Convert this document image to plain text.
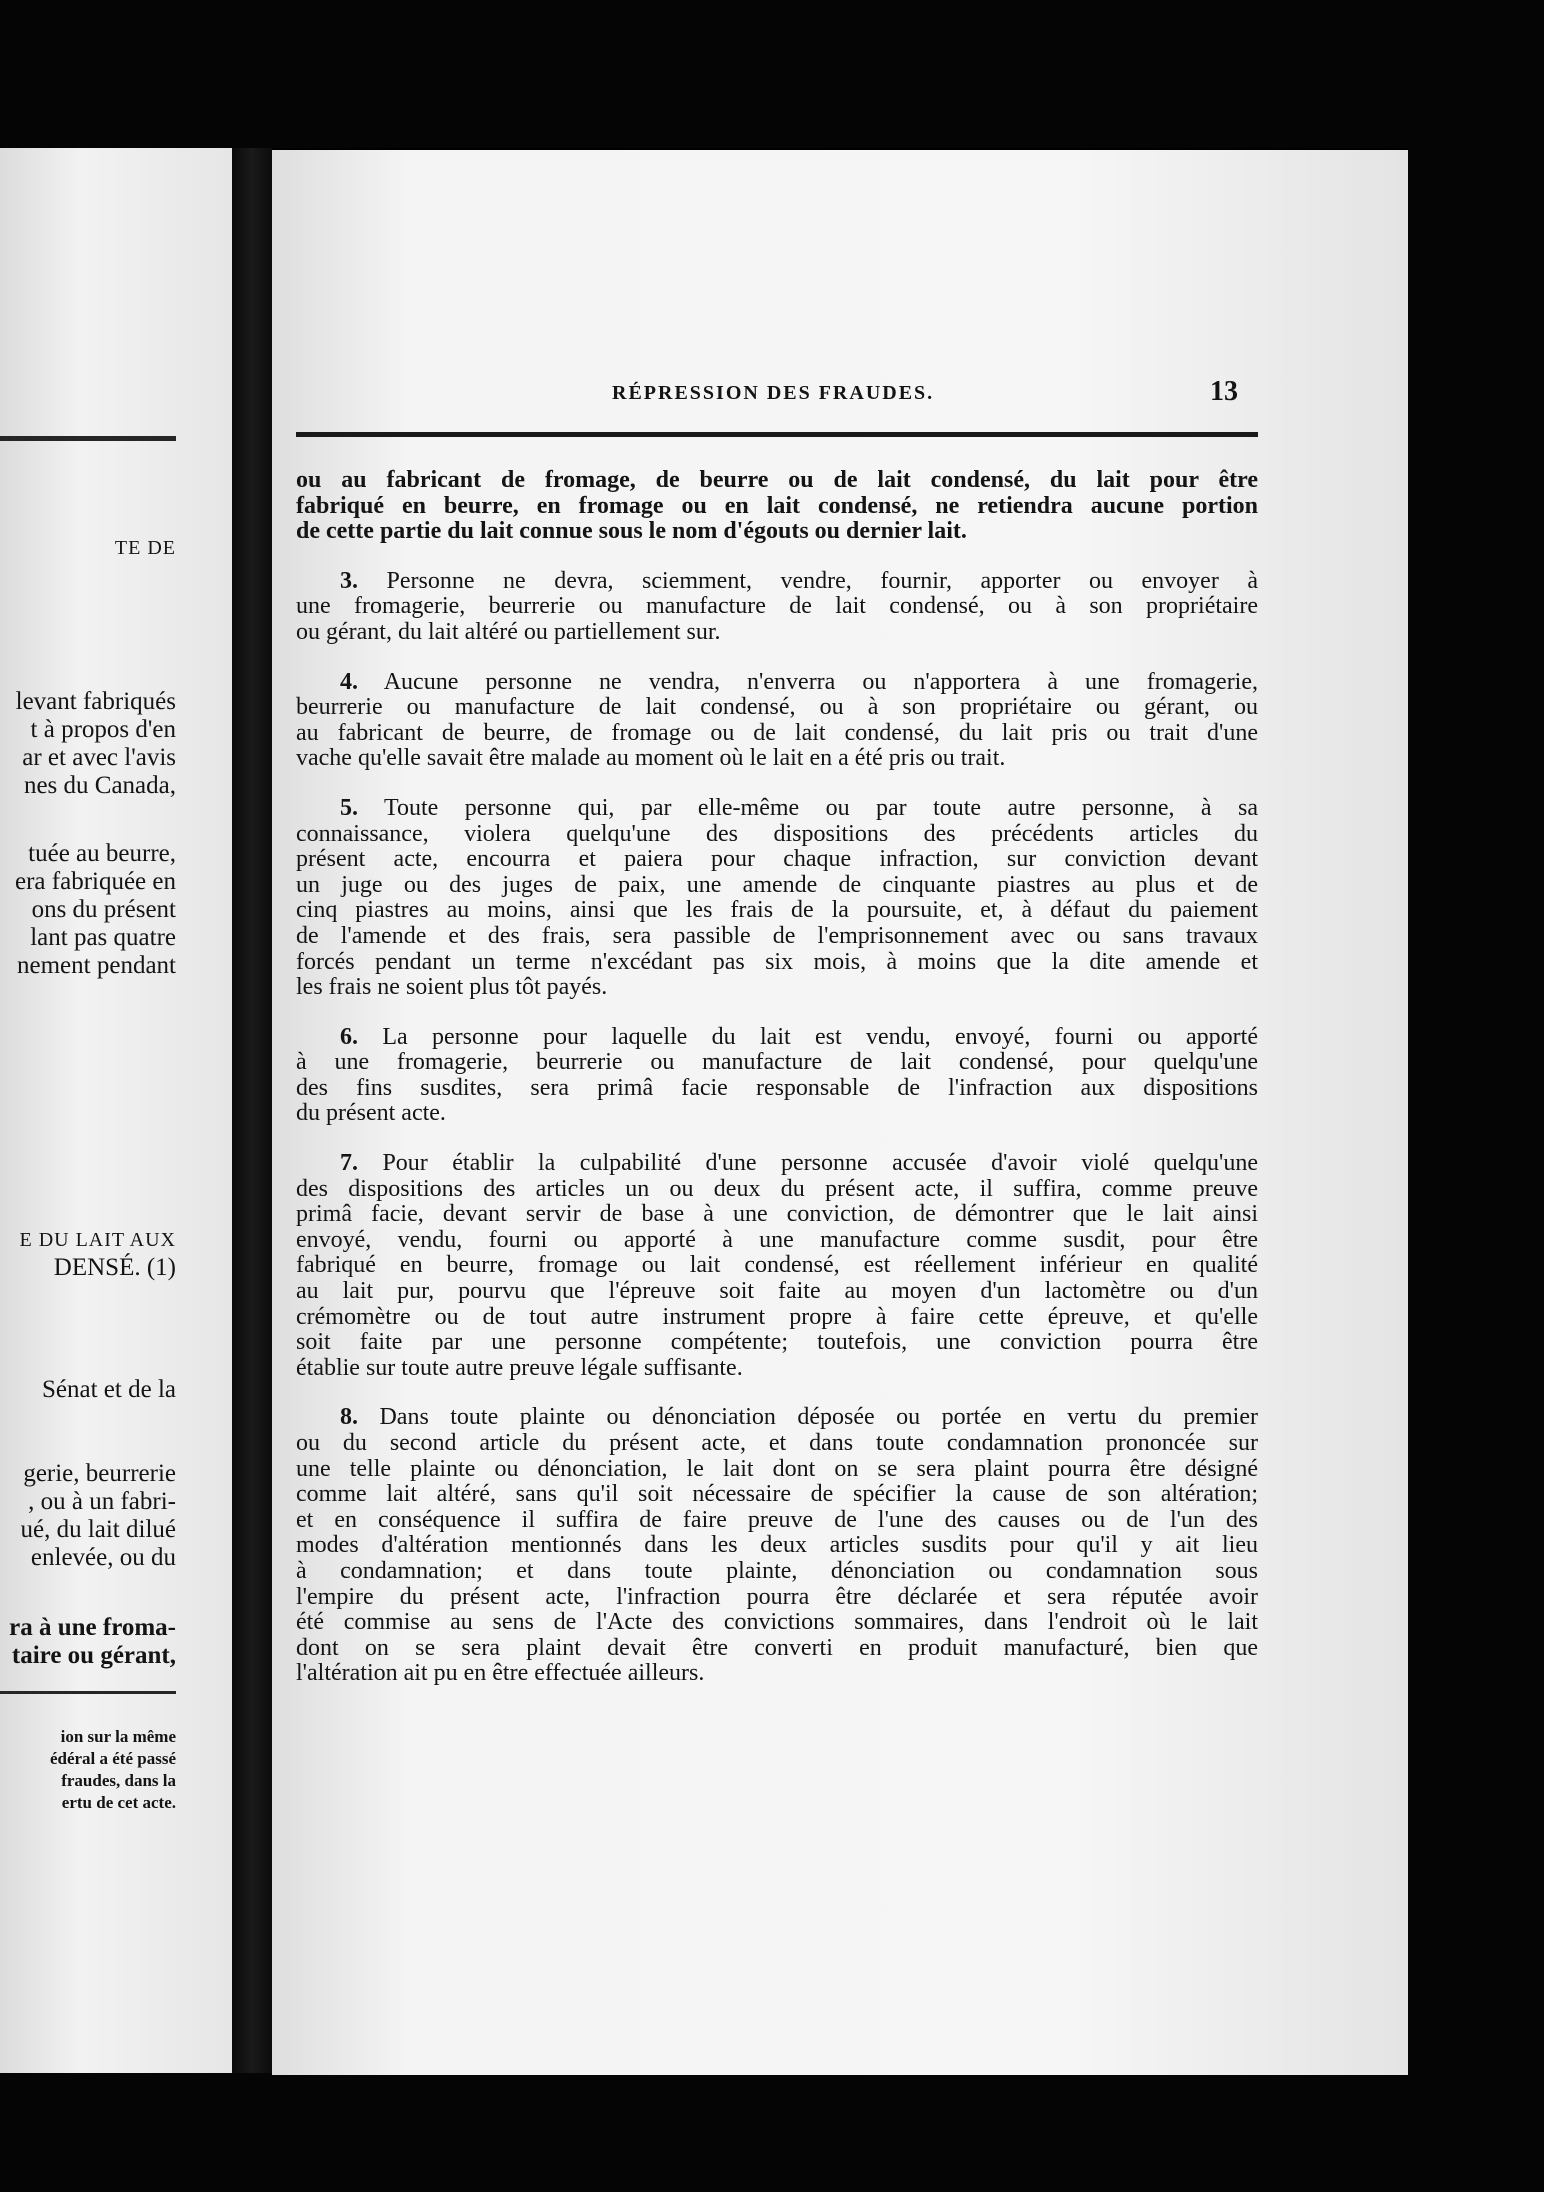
TE DE
levant fabriqués
t à propos d'en
ar et avec l'avis
nes du Canada,
tuée au beurre,
era fabriquée en
ons du présent
lant pas quatre
nement pendant
E DU LAIT AUX
DENSÉ. (1)
Sénat et de la
gerie, beurrerie
, ou à un fabri-
ué, du lait dilué
enlevée, ou du
ra à une froma-
taire ou gérant,
ion sur la même
édéral a été passé
fraudes, dans la
ertu de cet acte.
RÉPRESSION DES FRAUDES.	13
ou au fabricant de fromage, de beurre ou de lait condensé, du lait pour être
fabriqué en beurre, en fromage ou en lait condensé, ne retiendra aucune portion
de cette partie du lait connue sous le nom d'égouts ou dernier lait.
3. Personne ne devra, sciemment, vendre, fournir, apporter ou envoyer à
une fromagerie, beurrerie ou manufacture de lait condensé, ou à son propriétaire
ou gérant, du lait altéré ou partiellement sur.
4. Aucune personne ne vendra, n'enverra ou n'apportera à une fromagerie,
beurrerie ou manufacture de lait condensé, ou à son propriétaire ou gérant, ou
au fabricant de beurre, de fromage ou de lait condensé, du lait pris ou trait d'une
vache qu'elle savait être malade au moment où le lait en a été pris ou trait.
5. Toute personne qui, par elle-même ou par toute autre personne, à sa
connaissance, violera quelqu'une des dispositions des précédents articles du
présent acte, encourra et paiera pour chaque infraction, sur conviction devant
un juge ou des juges de paix, une amende de cinquante piastres au plus et de
cinq piastres au moins, ainsi que les frais de la poursuite, et, à défaut du paiement
de l'amende et des frais, sera passible de l'emprisonnement avec ou sans travaux
forcés pendant un terme n'excédant pas six mois, à moins que la dite amende et
les frais ne soient plus tôt payés.
6. La personne pour laquelle du lait est vendu, envoyé, fourni ou apporté
à une fromagerie, beurrerie ou manufacture de lait condensé, pour quelqu'une
des fins susdites, sera primâ facie responsable de l'infraction aux dispositions
du présent acte.
7. Pour établir la culpabilité d'une personne accusée d'avoir violé quelqu'une
des dispositions des articles un ou deux du présent acte, il suffira, comme preuve
primâ facie, devant servir de base à une conviction, de démontrer que le lait ainsi
envoyé, vendu, fourni ou apporté à une manufacture comme susdit, pour être
fabriqué en beurre, fromage ou lait condensé, est réellement inférieur en qualité
au lait pur, pourvu que l'épreuve soit faite au moyen d'un lactomètre ou d'un
crémomètre ou de tout autre instrument propre à faire cette épreuve, et qu'elle
soit faite par une personne compétente; toutefois, une conviction pourra être
établie sur toute autre preuve légale suffisante.
8. Dans toute plainte ou dénonciation déposée ou portée en vertu du premier
ou du second article du présent acte, et dans toute condamnation prononcée sur
une telle plainte ou dénonciation, le lait dont on se sera plaint pourra être désigné
comme lait altéré, sans qu'il soit nécessaire de spécifier la cause de son altération;
et en conséquence il suffira de faire preuve de l'une des causes ou de l'un des
modes d'altération mentionnés dans les deux articles susdits pour qu'il y ait lieu
à condamnation; et dans toute plainte, dénonciation ou condamnation sous
l'empire du présent acte, l'infraction pourra être déclarée et sera réputée avoir
été commise au sens de l'Acte des convictions sommaires, dans l'endroit où le lait
dont on se sera plaint devait être converti en produit manufacturé, bien que
l'altération ait pu en être effectuée ailleurs.
